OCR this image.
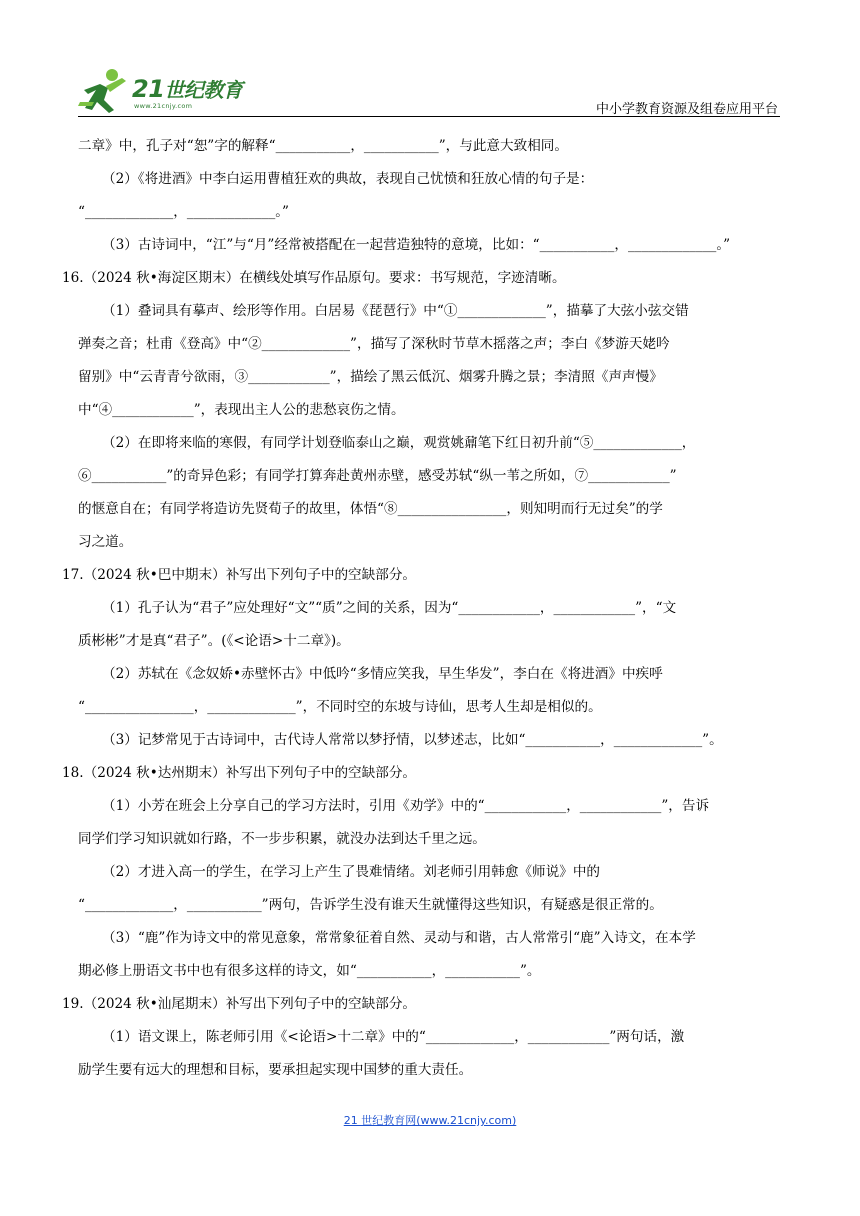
21世纪教育
www.21cnjy.com	中小学教育资源及组卷应用平台
二章》中，孔子对“恕”字的解释“___________，___________”，与此意大致相同。
（2）《将进酒》中李白运用曹植狂欢的典故，表现自己忧愤和狂放心情的句子是：
“_____________，_____________。”
（3）古诗词中，“江”与“月”经常被搭配在一起营造独特的意境，比如：“___________，_____________。”
16.（2024 秋•海淀区期末）在横线处填写作品原句。要求：书写规范，字迹清晰。
（1）叠词具有摹声、绘形等作用。白居易《琵琶行》中“①_____________”，描摹了大弦小弦交错
弹奏之音；杜甫《登高》中“②_____________”，描写了深秋时节草木摇落之声；李白《梦游天姥吟
留别》中“云青青兮欲雨，③____________”，描绘了黑云低沉、烟雾升腾之景；李清照《声声慢》
中“④____________”，表现出主人公的悲愁哀伤之情。
（2）在即将来临的寒假，有同学计划登临泰山之巅，观赏姚鼐笔下红日初升前“⑤_____________，
⑥___________”的奇异色彩；有同学打算奔赴黄州赤壁，感受苏轼“纵一苇之所如，⑦____________”
的惬意自在；有同学将造访先贤荀子的故里，体悟“⑧________________，则知明而行无过矣”的学
习之道。
17.（2024 秋•巴中期末）补写出下列句子中的空缺部分。
（1）孔子认为“君子”应处理好“文”“质”之间的关系，因为“____________，____________”，“文
质彬彬”才是真“君子”。(《<论语>十二章》)。
（2）苏轼在《念奴娇•赤壁怀古》中低吟“多情应笑我，早生华发”，李白在《将进酒》中疾呼
“________________，_____________”，不同时空的东坡与诗仙，思考人生却是相似的。
（3）记梦常见于古诗词中，古代诗人常常以梦抒情，以梦述志，比如“___________，_____________”。
18.（2024 秋•达州期末）补写出下列句子中的空缺部分。
（1）小芳在班会上分享自己的学习方法时，引用《劝学》中的“____________，____________”，告诉
同学们学习知识就如行路，不一步步积累，就没办法到达千里之远。
（2）才进入高一的学生，在学习上产生了畏难情绪。刘老师引用韩愈《师说》中的
“_____________，___________”两句，告诉学生没有谁天生就懂得这些知识，有疑惑是很正常的。
（3）“鹿”作为诗文中的常见意象，常常象征着自然、灵动与和谐，古人常常引“鹿”入诗文，在本学
期必修上册语文书中也有很多这样的诗文，如“___________，___________”。
19.（2024 秋•汕尾期末）补写出下列句子中的空缺部分。
（1）语文课上，陈老师引用《<论语>十二章》中的“_____________，____________”两句话，激
励学生要有远大的理想和目标，要承担起实现中国梦的重大责任。
21 世纪教育网(www.21cnjy.com)
